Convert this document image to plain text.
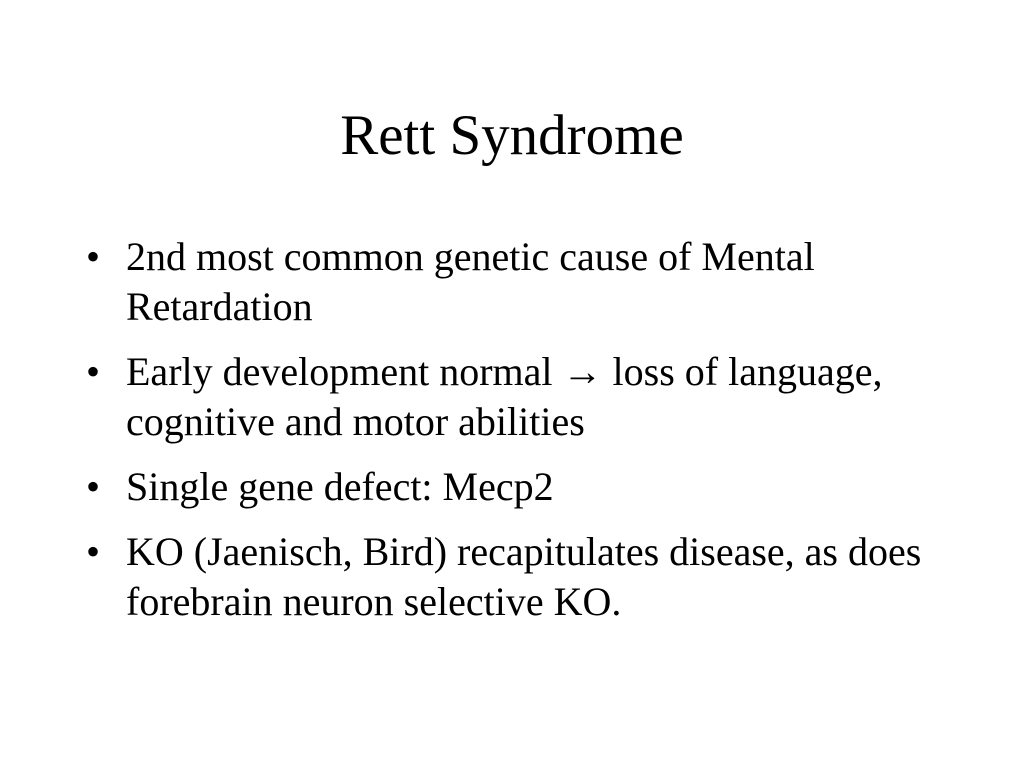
Rett Syndrome
• 2nd most common genetic cause of Mental Retardation
• Early development normal → loss of language, cognitive and motor abilities
• Single gene defect: Mecp2
• KO (Jaenisch, Bird) recapitulates disease, as does forebrain neuron selective KO.
